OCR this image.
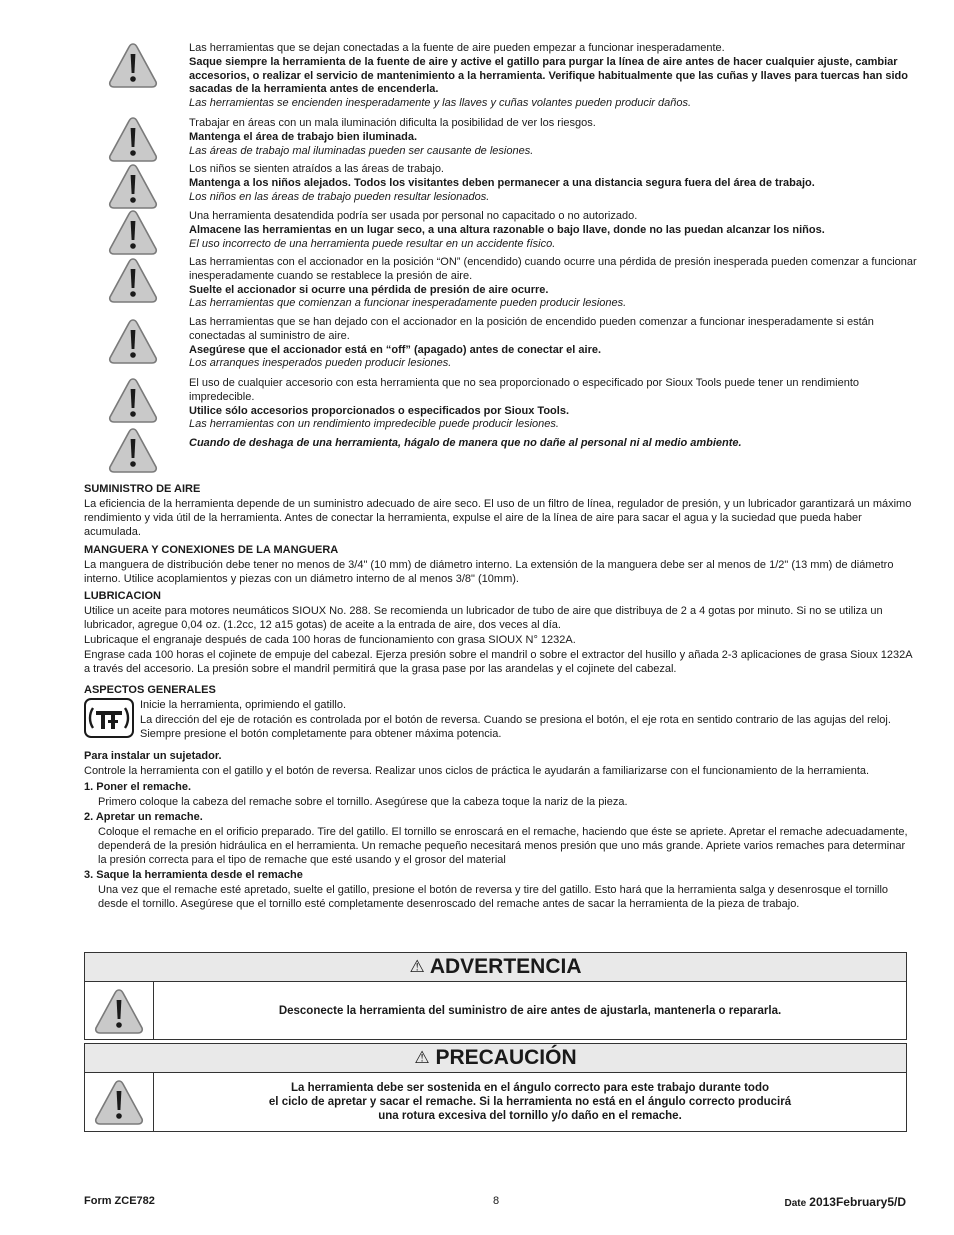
Las herramientas que se dejan conectadas a la fuente de aire pueden empezar a funcionar inesperadamente.
Saque siempre la herramienta de la fuente de aire y active el gatillo para purgar la línea de aire antes de hacer cualquier ajuste, cambiar accesorios, o realizar el servicio de mantenimiento a la herramienta. Verifique habitualmente que las cuñas y llaves para tuercas han sido sacadas de la herramienta antes de encenderla.
Las herramientas se encienden inesperadamente y las llaves y cuñas volantes pueden producir daños.
Trabajar en áreas con un mala iluminación dificulta la posibilidad de ver los riesgos.
Mantenga el área de trabajo bien iluminada.
Las áreas de trabajo mal iluminadas pueden ser causante de lesiones.
Los niños se sienten atraídos a las áreas de trabajo.
Mantenga a los niños alejados. Todos los visitantes deben permanecer a una distancia segura fuera del área de trabajo.
Los niños en las áreas de trabajo pueden resultar lesionados.
Una herramienta desatendida podría ser usada por personal no capacitado o no autorizado.
Almacene las herramientas en un lugar seco, a una altura razonable o bajo llave, donde no las puedan alcanzar los niños.
El uso incorrecto de una herramienta puede resultar en un accidente físico.
Las herramientas con el accionador en la posición “ON” (encendido) cuando ocurre una pérdida de presión inesperada pueden comenzar a funcionar inesperadamente cuando se restablece la presión de aire.
Suelte el accionador si ocurre una pérdida de presión de aire ocurre.
Las herramientas que comienzan a funcionar inesperadamente pueden producir lesiones.
Las herramientas que se han dejado con el accionador en la posición de encendido pueden comenzar a funcionar inesperadamente si están conectadas al suministro de aire.
Asegúrese que el accionador está en “off” (apagado) antes de conectar el aire.
Los arranques inesperados pueden producir lesiones.
El uso de cualquier accesorio con esta herramienta que no sea proporcionado o especificado por Sioux Tools puede tener un rendimiento impredecible.
Utilice sólo accesorios proporcionados o especificados por Sioux Tools.
Las herramientas con un rendimiento impredecible puede producir lesiones.
Cuando de deshaga de una herramienta, hágalo de manera que no dañe al personal ni al medio ambiente.
SUMINISTRO DE AIRE
La eficiencia de la herramienta depende de un suministro adecuado de aire seco. El uso de un filtro de línea, regulador de presión, y un lubricador garantizará un máximo rendimiento y vida útil de la herramienta. Antes de conectar la herramienta, expulse el aire de la línea de aire para sacar el agua y la suciedad que pueda haber acumulada.
MANGUERA Y CONEXIONES DE LA MANGUERA
La manguera de distribución debe tener no menos de 3/4" (10 mm) de diámetro interno. La extensión de la manguera debe ser al menos de 1/2" (13 mm) de diámetro interno. Utilice acoplamientos y piezas con un diámetro interno de al menos 3/8" (10mm).
LUBRICACION
Utilice un aceite para motores neumáticos SIOUX No. 288. Se recomienda un lubricador de tubo de aire que distribuya de 2 a 4 gotas por minuto. Si no se utiliza un lubricador, agregue 0,04 oz. (1.2cc, 12 a15 gotas) de aceite a la entrada de aire, dos veces al día.
Lubricaque el engranaje después de cada 100 horas de funcionamiento con grasa SIOUX N° 1232A.
Engrase cada 100 horas el cojinete de empuje del cabezal. Ejerza presión sobre el mandril o sobre el extractor del husillo y añada 2-3 aplicaciones de grasa Sioux 1232A a través del accesorio. La presión sobre el mandril permitirá que la grasa pase por las arandelas y el cojinete del cabezal.
ASPECTOS GENERALES
Inicie la herramienta, oprimiendo el gatillo.
La dirección del eje de rotación es controlada por el botón de reversa. Cuando se presiona el botón, el eje rota en sentido contrario de las agujas del reloj. Siempre presione el botón completamente para obtener máxima potencia.
Para instalar un sujetador.
Controle la herramienta con el gatillo y el botón de reversa. Realizar unos ciclos de práctica le ayudarán a familiarizarse con el funcionamiento de la herramienta.
1. Poner el remache.
Primero coloque la cabeza del remache sobre el tornillo. Asegúrese que la cabeza toque la nariz de la pieza.
2. Apretar un remache.
Coloque el remache en el orificio preparado. Tire del gatillo. El tornillo se enroscará en el remache, haciendo que éste se apriete. Apretar el remache adecuadamente, dependerá de la presión hidráulica en el herramienta. Un remache pequeño necesitará menos presión que uno más grande. Apriete varios remaches para determinar la presión correcta para el tipo de remache que esté usando y el grosor del material
3. Saque la herramienta desde el remache
Una vez que el remache esté apretado, suelte el gatillo, presione el botón de reversa y tire del gatillo. Esto hará que la herramienta salga y desenrosque el tornillo desde el tornillo. Asegúrese que el tornillo esté completamente desenroscado del remache antes de sacar la herramienta de la pieza de trabajo.
⚠ ADVERTENCIA
Desconecte la herramienta del suministro de aire antes de ajustarla, mantenerla o repararla.
⚠ PRECAUCIÓN
La herramienta debe ser sostenida en el ángulo correcto para este trabajo durante todo
el ciclo de apretar y sacar el remache. Si la herramienta no está en el ángulo correcto producirá
una rotura excesiva del tornillo y/o daño en el remache.
Form ZCE782	8	Date 2013February5/D
